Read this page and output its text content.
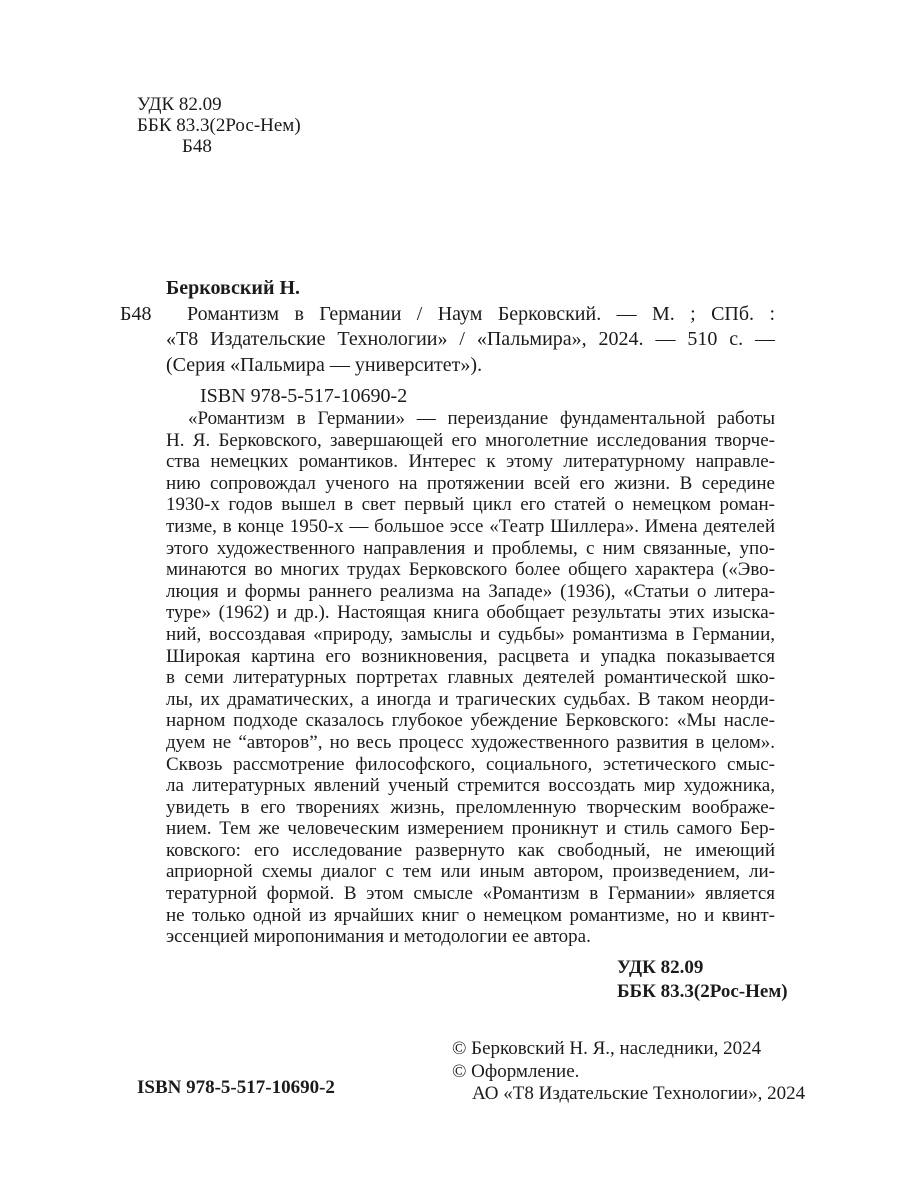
УДК 82.09
ББК 83.3(2Рос-Нем)
Б48
Берковский Н.
Б48	Романтизм в Германии / Наум Берковский. — М. ; СПб. :
«Т8 Издательские Технологии» / «Пальмира», 2024. — 510 с. —
(Серия «Пальмира — университет»).
ISBN 978-5-517-10690-2
«Романтизм в Германии» — переиздание фундаментальной работы
Н. Я. Берковского, завершающей его многолетние исследования творче-
ства немецких романтиков. Интерес к этому литературному направле-
нию сопровождал ученого на протяжении всей его жизни. В середине
1930-х годов вышел в свет первый цикл его статей о немецком роман-
тизме, в конце 1950-х — большое эссе «Театр Шиллера». Имена деятелей
этого художественного направления и проблемы, с ним связанные, упо-
минаются во многих трудах Берковского более общего характера («Эво-
люция и формы раннего реализма на Западе» (1936), «Статьи о литера-
туре» (1962) и др.). Настоящая книга обобщает результаты этих изыска-
ний, воссоздавая «природу, замыслы и судьбы» романтизма в Германии,
Широкая картина его возникновения, расцвета и упадка показывается
в семи литературных портретах главных деятелей романтической шко-
лы, их драматических, а иногда и трагических судьбах. В таком неорди-
нарном подходе сказалось глубокое убеждение Берковского: «Мы насле-
дуем не “авторов”, но весь процесс художественного развития в целом».
Сквозь рассмотрение философского, социального, эстетического смыс-
ла литературных явлений ученый стремится воссоздать мир художника,
увидеть в его творениях жизнь, преломленную творческим воображе-
нием. Тем же человеческим измерением проникнут и стиль самого Бер-
ковского: его исследование развернуто как свободный, не имеющий
априорной схемы диалог с тем или иным автором, произведением, ли-
тературной формой. В этом смысле «Романтизм в Германии» является
не только одной из ярчайших книг о немецком романтизме, но и квинт-
эссенцией миропонимания и методологии ее автора.
УДК 82.09
ББК 83.3(2Рос-Нем)
ISBN 978-5-517-10690-2
© Берковский Н. Я., наследники, 2024
© Оформление.
АО «Т8 Издательские Технологии», 2024
